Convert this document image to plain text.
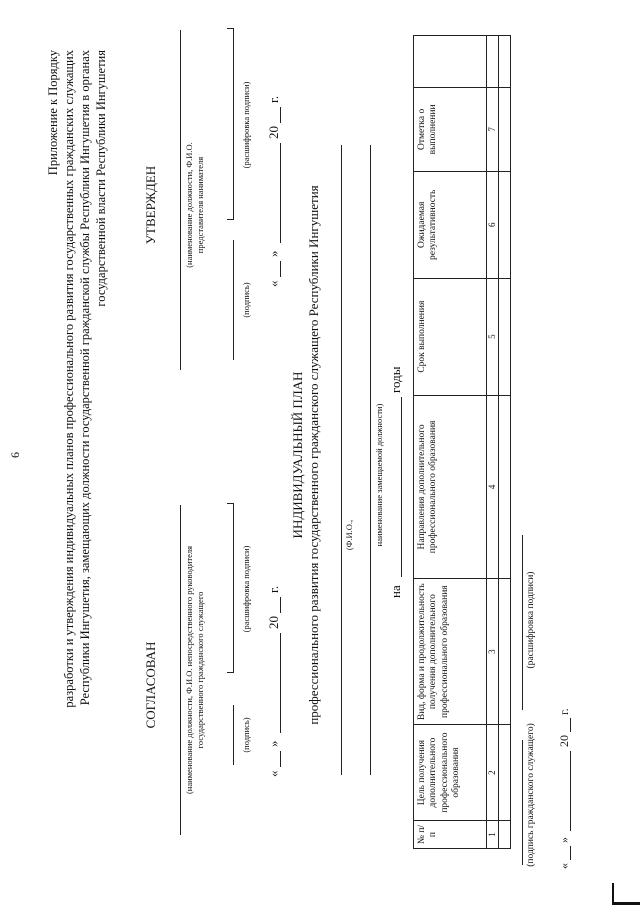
6
Приложение к Порядку разработки и утверждения индивидуальных планов профессионального развития государственных гражданских служащих Республики Ингушетия, замещающих должности государственной гражданской службы Республики Ингушетия в органах государственной власти Республики Ингушетия
СОГЛАСОВАН	(наименование должности, Ф.И.О. непосредственного руководителя государственного гражданского служащего	(подпись)
(расшифровка подписи)
«
»
20
г.
УТВЕРЖДЕН	(наименование должности, Ф.И.О. представителя нанимателя
(подпись)
(расшифровка подписи)
«
»
20
г.
ИНДИВИДУАЛЬНЫЙ ПЛАН профессионального развития государственного гражданского служащего Республики Ингушетия	(Ф.И.О., наименование замещаемой должности)
на
годы
№ п/п	Цель получения дополнительного профессионального образования	Вид, форма и продолжительность получения дополнительного профессионального образования	Направления дополнительного профессионального образования	Срок выполнения	Ожидаемая результативность	Отметка о выполнении	
1	2	3	4	5	6	7	

(подпись гражданского служащего)
(расшифровка подписи)
«
»
20
г.
